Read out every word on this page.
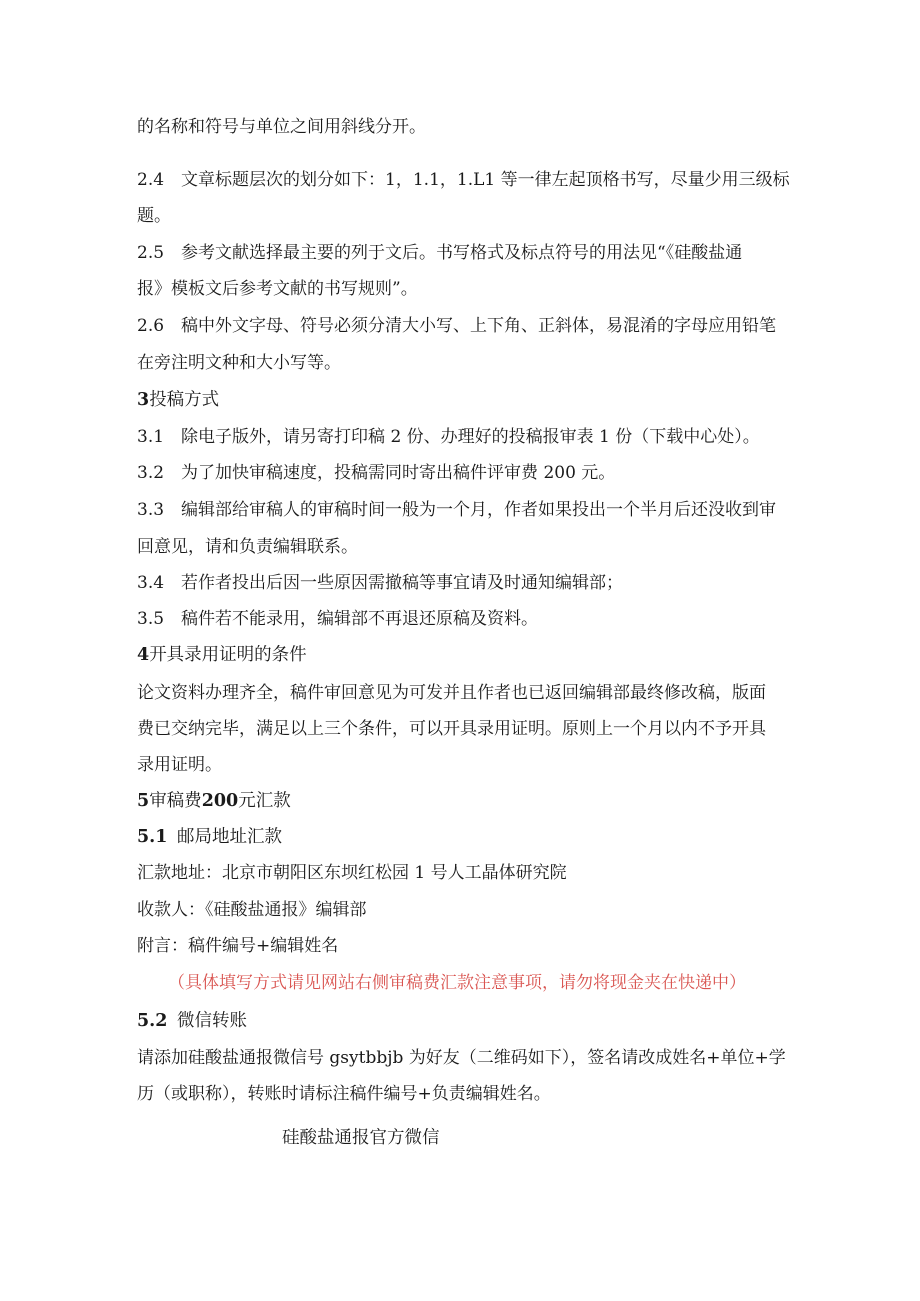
的名称和符号与单位之间用斜线分开。

2.4　文章标题层次的划分如下：1，1.1，1.L1 等一律左起顶格书写，尽量少用三级标

题。

2.5　参考文献选择最主要的列于文后。书写格式及标点符号的用法见“《硅酸盐通

报》模板文后参考文献的书写规则”。

2.6　稿中外文字母、符号必须分清大小写、上下角、正斜体，易混淆的字母应用铅笔

在旁注明文种和大小写等。

3投稿方式

3.1　除电子版外，请另寄打印稿 2 份、办理好的投稿报审表 1 份（下载中心处）。

3.2　为了加快审稿速度，投稿需同时寄出稿件评审费 200 元。

3.3　编辑部给审稿人的审稿时间一般为一个月，作者如果投出一个半月后还没收到审

回意见，请和负责编辑联系。

3.4　若作者投出后因一些原因需撤稿等事宜请及时通知编辑部；

3.5　稿件若不能录用，编辑部不再退还原稿及资料。

4开具录用证明的条件

论文资料办理齐全，稿件审回意见为可发并且作者也已返回编辑部最终修改稿，版面

费已交纳完毕，满足以上三个条件，可以开具录用证明。原则上一个月以内不予开具

录用证明。

5审稿费200元汇款

5.1 邮局地址汇款

汇款地址：北京市朝阳区东坝红松园 1 号人工晶体研究院

收款人：《硅酸盐通报》编辑部

附言：稿件编号+编辑姓名

（具体填写方式请见网站右侧审稿费汇款注意事项，请勿将现金夹在快递中）

5.2 微信转账

请添加硅酸盐通报微信号 gsytbbjb 为好友（二维码如下），签名请改成姓名+单位+学

历（或职称），转账时请标注稿件编号+负责编辑姓名。

硅酸盐通报官方微信
